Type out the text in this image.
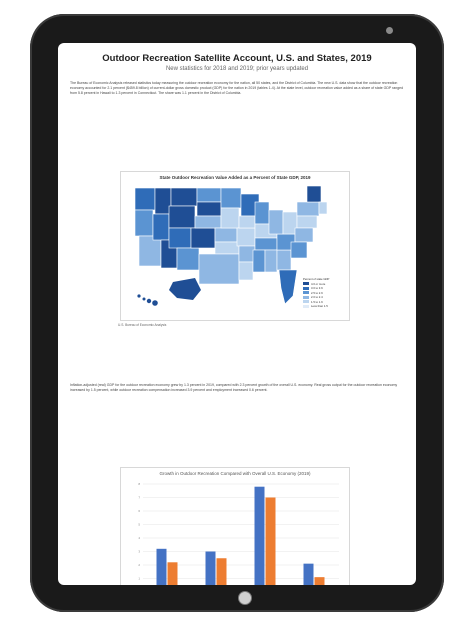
Outdoor Recreation Satellite Account, U.S. and States, 2019
New statistics for 2018 and 2019; prior years updated
The Bureau of Economic Analysis released statistics today measuring the outdoor recreation economy for the nation, all 50 states, and the District of Columbia. The new U.S. data show that the outdoor recreation economy accounted for 2.1 percent ($459.8 billion) of current-dollar gross domestic product (GDP) for the nation in 2019 (tables 1-4). At the state level, outdoor recreation value added as a share of state GDP ranged from 5.8 percent in Hawaii to 1.3 percent in Connecticut. The share was 1.1 percent in the District of Columbia.
State Outdoor Recreation Value Added as a Percent of State GDP, 2019
Percent of state GDP
4.0 or more
3.0 to 3.9
2.5 to 2.9
2.0 to 2.4
1.5 to 1.9
Less than 1.5
U.S. Bureau of Economic Analysis
Inflation-adjusted (real) GDP for the outdoor recreation economy grew by 1.3 percent in 2019, compared with 2.3 percent growth of the overall U.S. economy. Real gross output for the outdoor recreation economy increased by 1.5 percent, while outdoor recreation compensation increased 3.9 percent and employment increased 0.6 percent.
Growth in Outdoor Recreation Compared with Overall U.S. Economy (2019)
0
1
2
3
4
5
6
7
8
